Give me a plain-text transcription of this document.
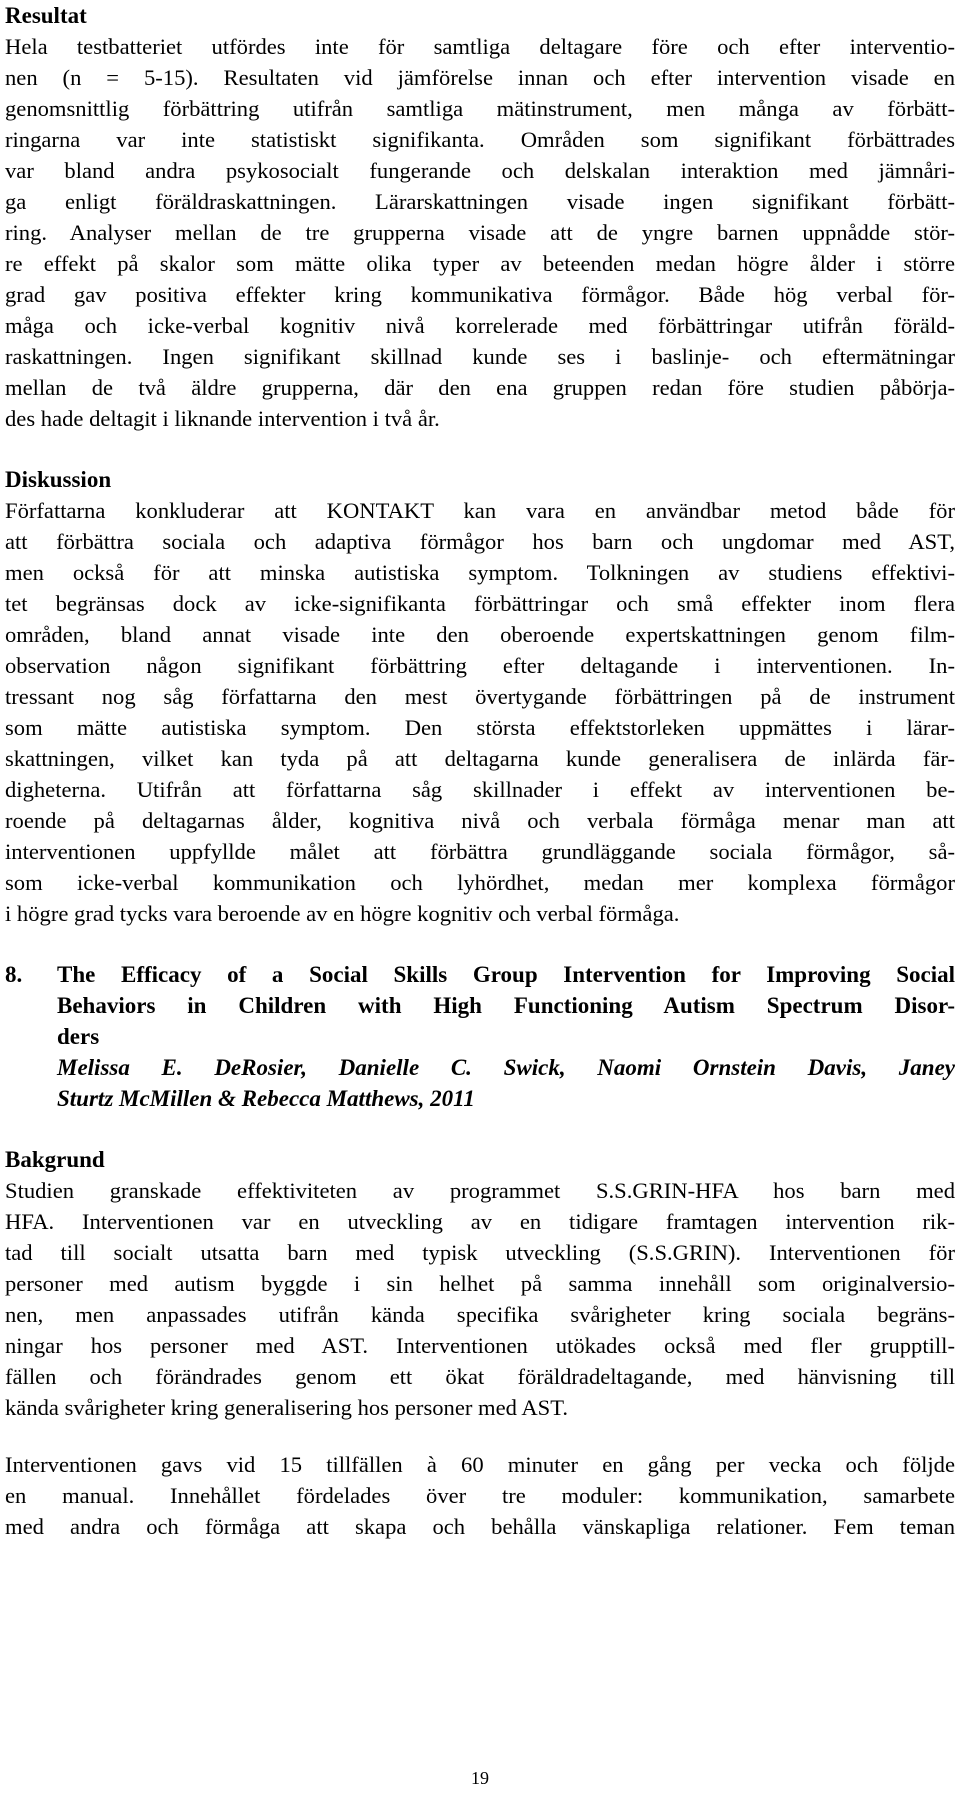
Resultat

Hela testbatteriet utfördes inte för samtliga deltagare före och efter interventio-
nen (n = 5-15). Resultaten vid jämförelse innan och efter intervention visade en
genomsnittlig förbättring utifrån samtliga mätinstrument, men många av förbätt-
ringarna var inte statistiskt signifikanta. Områden som signifikant förbättrades
var bland andra psykosocialt fungerande och delskalan interaktion med jämnåri-
ga enligt föräldraskattningen. Lärarskattningen visade ingen signifikant förbätt-
ring. Analyser mellan de tre grupperna visade att de yngre barnen uppnådde stör-
re effekt på skalor som mätte olika typer av beteenden medan högre ålder i större
grad gav positiva effekter kring kommunikativa förmågor. Både hög verbal för-
måga och icke-verbal kognitiv nivå korrelerade med förbättringar utifrån föräld-
raskattningen. Ingen signifikant skillnad kunde ses i baslinje- och eftermätningar
mellan de två äldre grupperna, där den ena gruppen redan före studien påbörja-
des hade deltagit i liknande intervention i två år.

Diskussion

Författarna konkluderar att KONTAKT kan vara en användbar metod både för
att förbättra sociala och adaptiva förmågor hos barn och ungdomar med AST,
men också för att minska autistiska symptom. Tolkningen av studiens effektivi-
tet begränsas dock av icke-signifikanta förbättringar och små effekter inom flera
områden, bland annat visade inte den oberoende expertskattningen genom film-
observation någon signifikant förbättring efter deltagande i interventionen. In-
tressant nog såg författarna den mest övertygande förbättringen på de instrument
som mätte autistiska symptom. Den största effektstorleken uppmättes i lärar-
skattningen, vilket kan tyda på att deltagarna kunde generalisera de inlärda fär-
digheterna. Utifrån att författarna såg skillnader i effekt av interventionen be-
roende på deltagarnas ålder, kognitiva nivå och verbala förmåga menar man att
interventionen uppfyllde målet att förbättra grundläggande sociala förmågor, så-
som icke-verbal kommunikation och lyhördhet, medan mer komplexa förmågor
i högre grad tycks vara beroende av en högre kognitiv och verbal förmåga.
8.	The Efficacy of a Social Skills Group Intervention for Improving Social
Behaviors in Children with High Functioning Autism Spectrum Disor-
ders
Melissa E. DeRosier, Danielle C. Swick, Naomi Ornstein Davis, Janey
Sturtz McMillen & Rebecca Matthews, 2011

Bakgrund

Studien granskade effektiviteten av programmet S.S.GRIN-HFA hos barn med
HFA. Interventionen var en utveckling av en tidigare framtagen intervention rik-
tad till socialt utsatta barn med typisk utveckling (S.S.GRIN). Interventionen för
personer med autism byggde i sin helhet på samma innehåll som originalversio-
nen, men anpassades utifrån kända specifika svårigheter kring sociala begräns-
ningar hos personer med AST. Interventionen utökades också med fler grupptill-
fällen och förändrades genom ett ökat föräldradeltagande, med hänvisning till
kända svårigheter kring generalisering hos personer med AST.
Interventionen gavs vid 15 tillfällen à 60 minuter en gång per vecka och följde
en manual. Innehållet fördelades över tre moduler: kommunikation, samarbete
med andra och förmåga att skapa och behålla vänskapliga relationer. Fem teman
19
